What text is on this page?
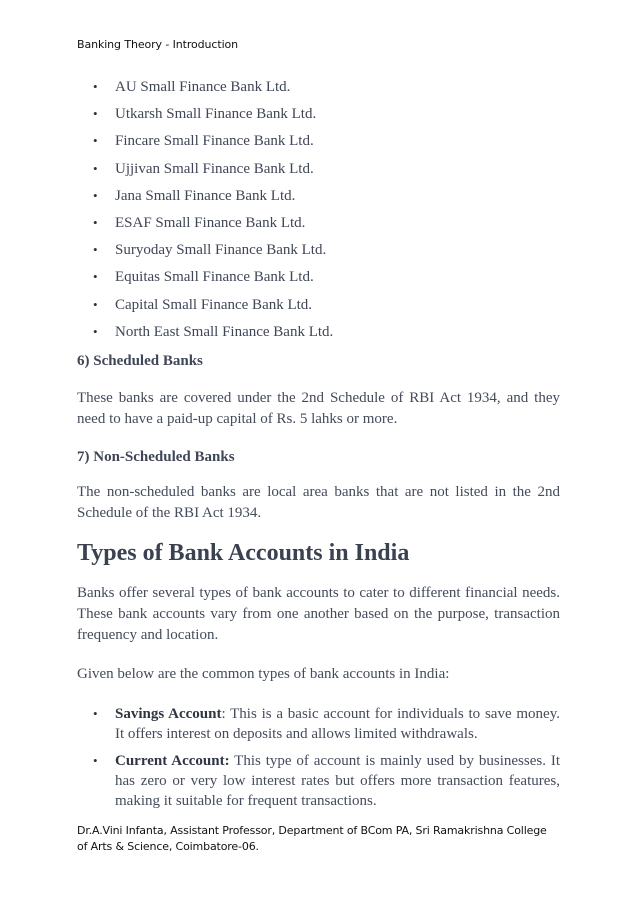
Banking Theory - Introduction
• AU Small Finance Bank Ltd.
• Utkarsh Small Finance Bank Ltd.
• Fincare Small Finance Bank Ltd.
• Ujjivan Small Finance Bank Ltd.
• Jana Small Finance Bank Ltd.
• ESAF Small Finance Bank Ltd.
• Suryoday Small Finance Bank Ltd.
• Equitas Small Finance Bank Ltd.
• Capital Small Finance Bank Ltd.
• North East Small Finance Bank Ltd.
6) Scheduled Banks

These banks are covered under the 2nd Schedule of RBI Act 1934, and they need to have a paid-up capital of Rs. 5 lahks or more.

7) Non-Scheduled Banks

The non-scheduled banks are local area banks that are not listed in the 2nd Schedule of the RBI Act 1934.

Types of Bank Accounts in India

Banks offer several types of bank accounts to cater to different financial needs. These bank accounts vary from one another based on the purpose, transaction frequency and location.

Given below are the common types of bank accounts in India:

• Savings Account: This is a basic account for individuals to save money. It offers interest on deposits and allows limited withdrawals.
• Current Account: This type of account is mainly used by businesses. It has zero or very low interest rates but offers more transaction features, making it suitable for frequent transactions.
Dr.A.Vini Infanta, Assistant Professor, Department of BCom PA, Sri Ramakrishna College of Arts & Science, Coimbatore-06.
